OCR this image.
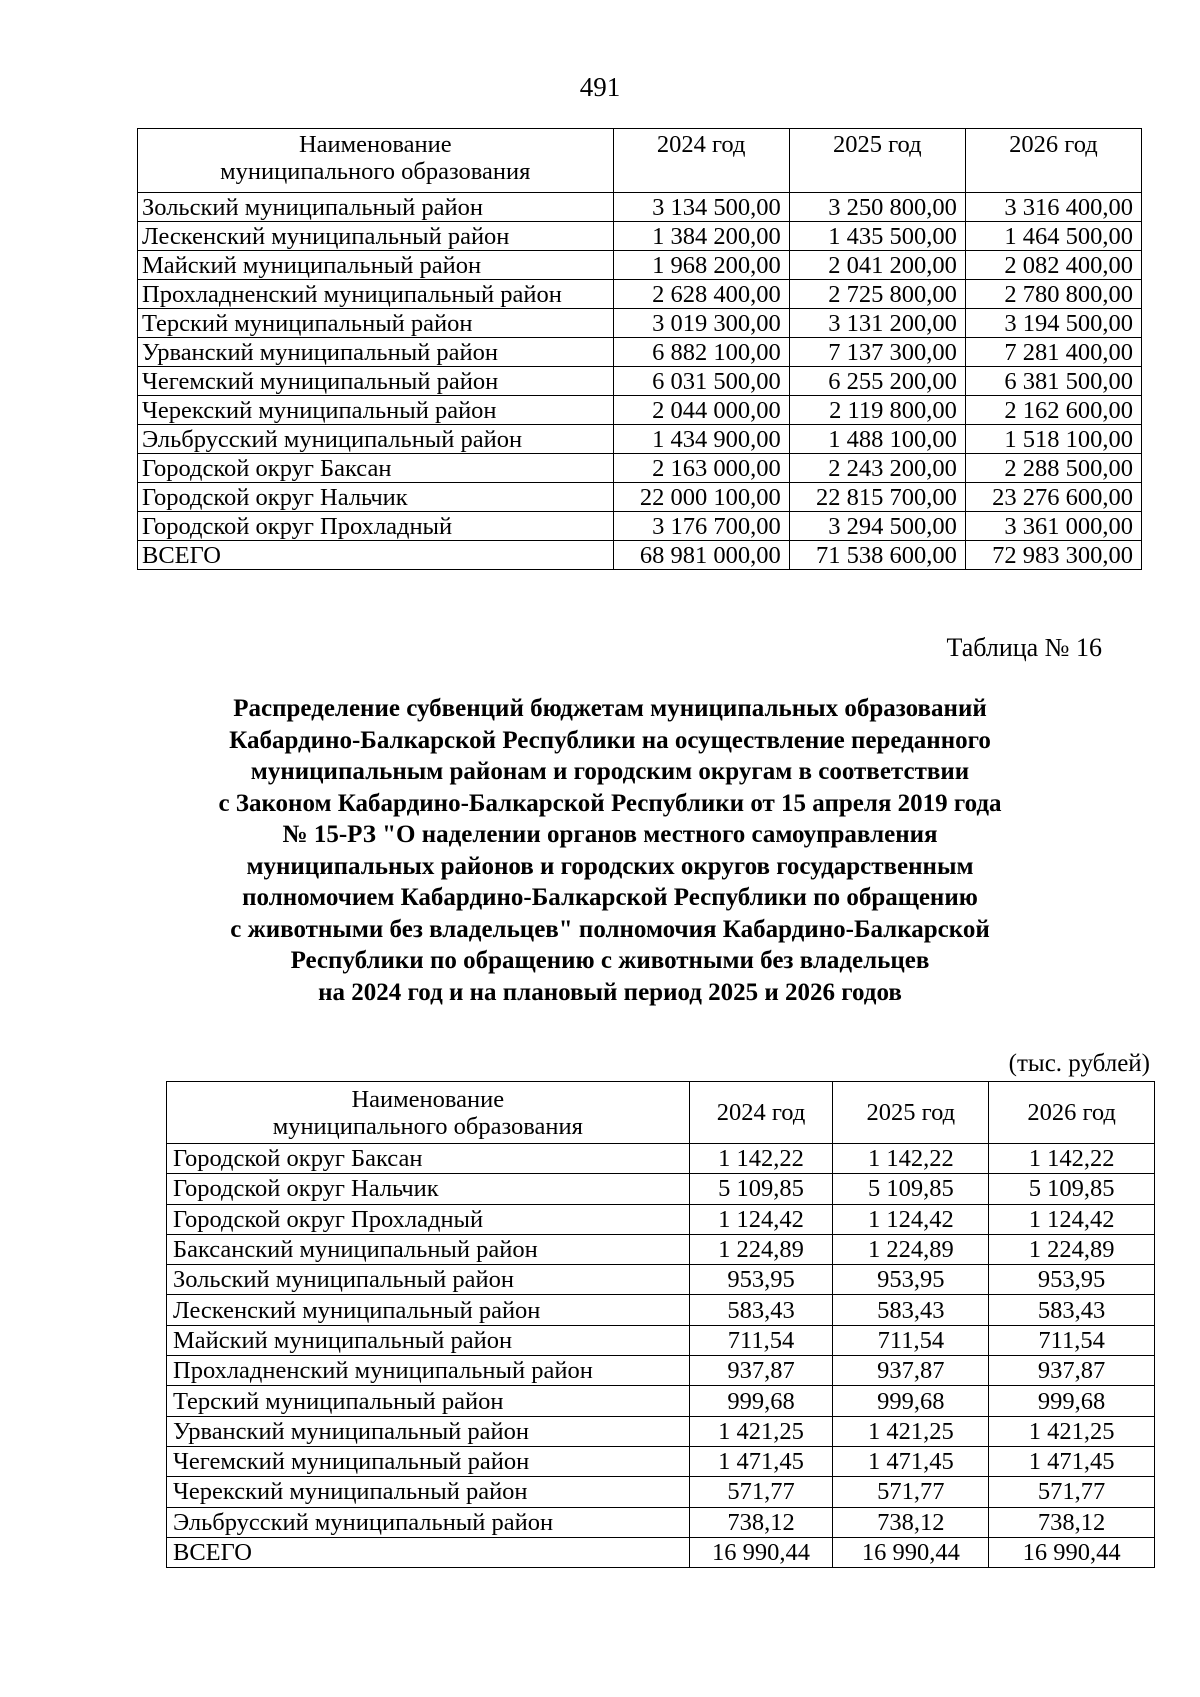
491
Наименование
муниципального образования	2024 год	2025 год	2026 год
Зольский муниципальный район	3 134 500,00	3 250 800,00	3 316 400,00
Лескенский муниципальный район	1 384 200,00	1 435 500,00	1 464 500,00
Майский муниципальный район	1 968 200,00	2 041 200,00	2 082 400,00
Прохладненский муниципальный район	2 628 400,00	2 725 800,00	2 780 800,00
Терский муниципальный район	3 019 300,00	3 131 200,00	3 194 500,00
Урванский муниципальный район	6 882 100,00	7 137 300,00	7 281 400,00
Чегемский муниципальный район	6 031 500,00	6 255 200,00	6 381 500,00
Черекский муниципальный район	2 044 000,00	2 119 800,00	2 162 600,00
Эльбрусский муниципальный район	1 434 900,00	1 488 100,00	1 518 100,00
Городской округ Баксан	2 163 000,00	2 243 200,00	2 288 500,00
Городской округ Нальчик	22 000 100,00	22 815 700,00	23 276 600,00
Городской округ Прохладный	3 176 700,00	3 294 500,00	3 361 000,00
ВСЕГО	68 981 000,00	71 538 600,00	72 983 300,00
Таблица № 16
Распределение субвенций бюджетам муниципальных образований
Кабардино-Балкарской Республики на осуществление переданного
муниципальным районам и городским округам в соответствии
с Законом Кабардино-Балкарской Республики от 15 апреля 2019 года
№ 15-РЗ "О наделении органов местного самоуправления
муниципальных районов и городских округов государственным
полномочием Кабардино-Балкарской Республики по обращению
с животными без владельцев" полномочия Кабардино-Балкарской
Республики по обращению с животными без владельцев
на 2024 год и на плановый период 2025 и 2026 годов
(тыс. рублей)
Наименование
муниципального образования	2024 год	2025 год	2026 год
Городской округ Баксан	1 142,22	1 142,22	1 142,22
Городской округ Нальчик	5 109,85	5 109,85	5 109,85
Городской округ Прохладный	1 124,42	1 124,42	1 124,42
Баксанский муниципальный район	1 224,89	1 224,89	1 224,89
Зольский муниципальный район	953,95	953,95	953,95
Лескенский муниципальный район	583,43	583,43	583,43
Майский муниципальный район	711,54	711,54	711,54
Прохладненский муниципальный район	937,87	937,87	937,87
Терский муниципальный район	999,68	999,68	999,68
Урванский муниципальный район	1 421,25	1 421,25	1 421,25
Чегемский муниципальный район	1 471,45	1 471,45	1 471,45
Черекский муниципальный район	571,77	571,77	571,77
Эльбрусский муниципальный район	738,12	738,12	738,12
ВСЕГО	16 990,44	16 990,44	16 990,44
